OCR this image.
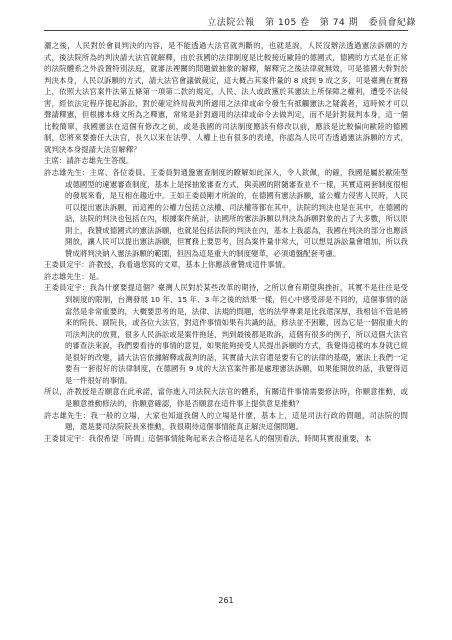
立法院公報 第 105 卷 第 74 期 委員會紀錄

灑之後，人民對於會員判決的內容，是不能透過大法官就判斷的，也就是說，人民沒辦法透過憲法訴願的方式，後法院所為的判決請大法官就解釋，由於我國的法律制度是比較接近歐陸的德國式，德國的方式是在正常的法院體系之外設置特別法庭，就審法裡關的問題做抽象的解釋，解釋完之後法律就無效，可是德國大幹對於判決本身，人民以訴願的方式，請大法官會議做裁定，這大概占其案件量的 8 成到 9 成之多，可是臺灣在實務上，依照大法官案件法第五條第一項第二款的規定，人民、法人或政黨於其憲法上所保障之權利，遭受不法侵害，經依法定程序提起訴訟，對於確定終局裁判所適用之法律或命令發生有抵觸憲法之疑義者，這時候才可以聲請釋憲，但根據本條文所為之釋憲，常常是針對適用的法律或命令去做判定，而不是針對裁判本身，這一個比較簡單，我國憲法在這個有修改之前，或是我國的司法制度應該有修改以前，應該是比較偏向歐陸的德國制，您將來要擔任大法官，長久以來在法學、人權上也有很多的表達，你認為人民可否透過憲法訴願的方式，就判決本身提請大法官解釋？

主席：請許志雄先生答復。

許志雄先生：主席、各位委員。王委員對通盤憲查制度的瞭解如此深入，令人欽佩，的確，我國是屬於歐陸型或德國型的違憲審查制度，基本上是採抽象審查方式，與美國的附隨審查並不一樣，其實這兩套制度很相的發展來看，是互相在趨近中。王如王委員剛才所說的，在德國有憲法訴願，當公權力侵害人民時，人民可以提出憲法訴願，而這裡的公權力包括立法權、司法權等都在其中，法院的判決也是在其中，在德國的話，法院的判決也包括在內，根據案件統計，法國所的憲法訴願以判決為訴願對象的占了大多數，所以原則上，我贊成德國式的憲法訴願，也就是包括法院的判決在內，基本上我認為，我國在判決的部分也應該開放，讓人民可以提出憲法訴願，但實務上要思考，因為案件量非常大，可以想見訴訟量會增加，所以我贊成將判決納入憲法訴願的範圍，但因為這是重大的制度變革，必須通盤配套考慮。

王委員定宇：許教授，我看過您寫的文章，基本上你應該會贊成這件事情。

許志雄先生：是。

王委員定宇：我為什麼要提這個？臺灣人民對於某些改革的期待，之所以會有期望與挫折，其實不是往往是受到制度的限制，台灣發展 10 年、15 年、3 年之後的結果一樣，但心中感受卻是不同的，這個事情的話當然是非常重要的，大概要思考的是，法律、法規的問題，您的法學專業是比我還深厚，我相信不管是將來的院長、副院長，或各位大法官，對這件事情如果有共識的話，修法並不困難，因為它是一個很重大的司法判決的放寬，很多人民訴訟或是案件拖延，判到最後都是敗訴，這個有很多的例子，所以這個大法官的審查法來說，我們要看待的事情的意見，如果能夠接受人民提出訴願的方式，我覺得這樣的本身就已經是很好的改變，請大法官依據解釋或裁判的話，其實請大法官還是要有它的法律的基礎，憲法上我們一定要有一套很好的法律制度，在德國有 9 成的大法官案件都是處理憲法訴願，如果能開放的話，我覺得這是一件很好的事情。

所以，許教授是否願意在此承諾，當你進入司法院大法官的體系，有關這件事情需要修法時，你願意推動，或是願意推動修法的，你願意確認，你是否願意在這件事上提供意見推動？

許志雄先生：我一般的立場，大家也知道我個人的立場是什麼，基本上，這是司法行政的問題，司法院的問題，還是要司法院院長來推動，我很期待這個事情能真正解決這個問題。

王委員定宇：我很希望「時間」這個事情能夠起來去合格這是名人的個別看法，時間其實很重要，本

261
